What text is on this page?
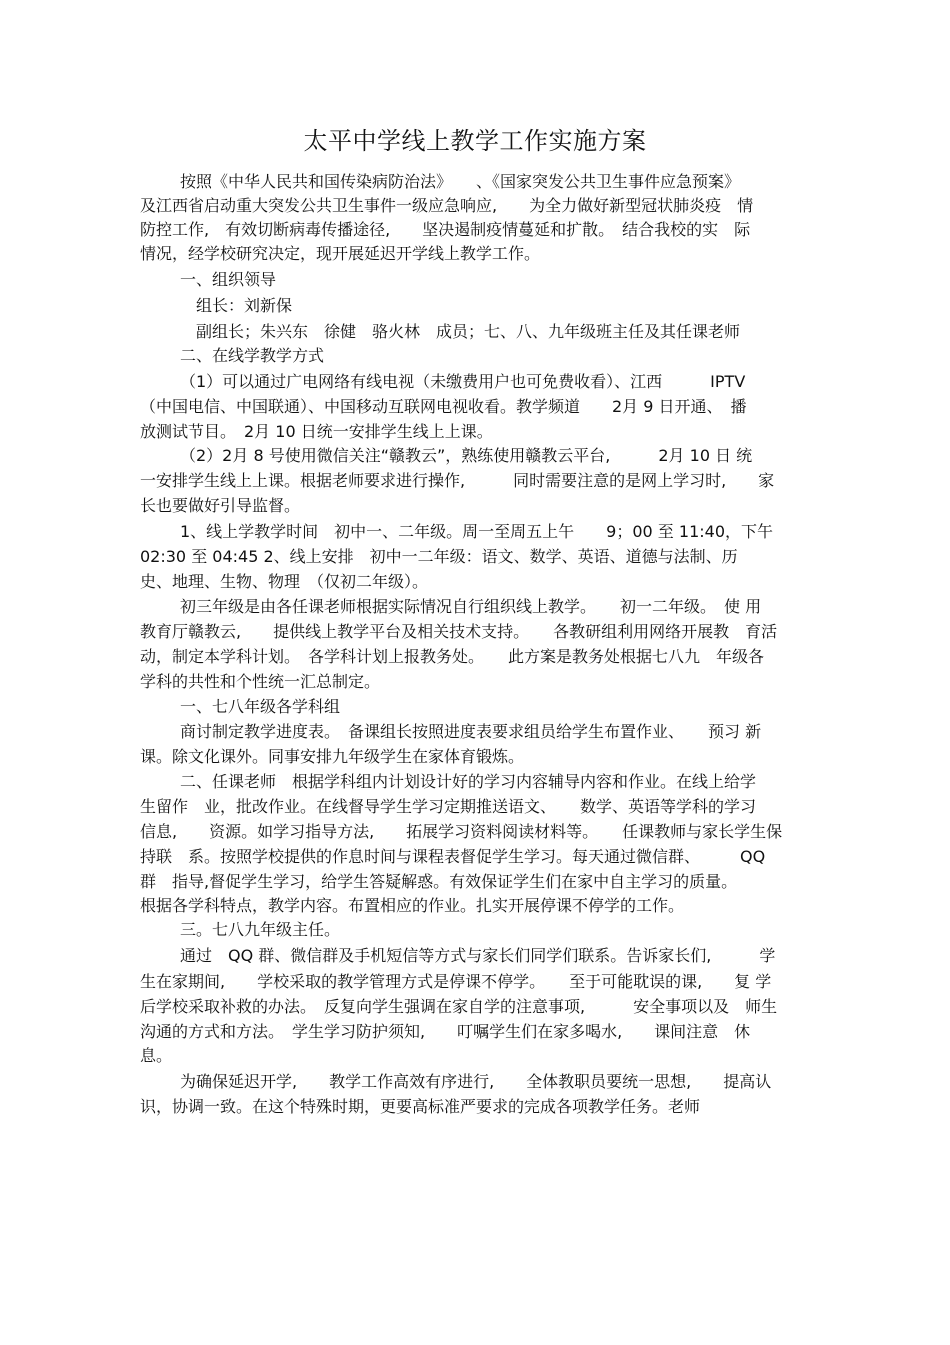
太平中学线上教学工作实施方案
按照《中华人民共和国传染病防治法》　　、《国家突发公共卫生事件应急预案》
及江西省启动重大突发公共卫生事件一级应急响应,　　为全力做好新型冠状肺炎疫　情
防控工作,　有效切断病毒传播途径,　　坚决遏制疫情蔓延和扩散。　结合我校的实　际
情况，经学校研究决定，现开展延迟开学线上教学工作。
一、组织领导
组长：刘新保
副组长；朱兴东　徐健　骆火林　成员；七、八、九年级班主任及其任课老师
二、在线学教学方式
（1）可以通过广电网络有线电视（未缴费用户也可免费收看）、江西　　　IPTV
（中国电信、中国联通）、中国移动互联网电视收看。教学频道　　2月 9 日开通、　播
放测试节目。　2月 10 日统一安排学生线上上课。
（2）2月 8 号使用微信关注“赣教云”，熟练使用赣教云平台,　　　2月 10 日 统
一安排学生线上上课。根据老师要求进行操作,　　　同时需要注意的是网上学习时,　　家
长也要做好引导监督。
1、线上学教学时间　初中一、二年级。周一至周五上午　　9；00 至 11:40，下午
02:30 至 04:45 2、线上安排　初中一二年级：语文、数学、英语、道德与法制、历
史、地理、生物、物理　（仅初二年级）。
初三年级是由各任课老师根据实际情况自行组织线上教学。　　初一二年级。　使 用
教育厅赣教云,　　提供线上教学平台及相关技术支持。　　各教研组利用网络开展教　育活
动，制定本学科计划。　各学科计划上报教务处。　　此方案是教务处根据七八九　年级各
学科的共性和个性统一汇总制定。
一、七八年级各学科组
商讨制定教学进度表。　备课组长按照进度表要求组员给学生布置作业、　　预习 新
课。除文化课外。同事安排九年级学生在家体育锻炼。
二、任课老师　根据学科组内计划设计好的学习内容辅导内容和作业。在线上给学
生留作　业，批改作业。在线督导学生学习定期推送语文、　　数学、英语等学科的学习
信息,　　资源。如学习指导方法,　　拓展学习资料阅读材料等。　　任课教师与家长学生保
持联　系。按照学校提供的作息时间与课程表督促学生学习。每天通过微信群、　　　QQ
群　指导,督促学生学习，给学生答疑解惑。有效保证学生们在家中自主学习的质量。
根据各学科特点，教学内容。布置相应的作业。扎实开展停课不停学的工作。
三。七八九年级主任。
通过　QQ 群、微信群及手机短信等方式与家长们同学们联系。告诉家长们,　　　学
生在家期间,　　学校采取的教学管理方式是停课不停学。　　至于可能耽误的课,　　复 学
后学校采取补救的办法。　反复向学生强调在家自学的注意事项,　　　安全事项以及　师生
沟通的方式和方法。　学生学习防护须知,　　叮嘱学生们在家多喝水,　　课间注意　休
息。
为确保延迟开学,　　教学工作高效有序进行,　　全体教职员要统一思想,　　提高认
识，协调一致。在这个特殊时期，更要高标准严要求的完成各项教学任务。老师
